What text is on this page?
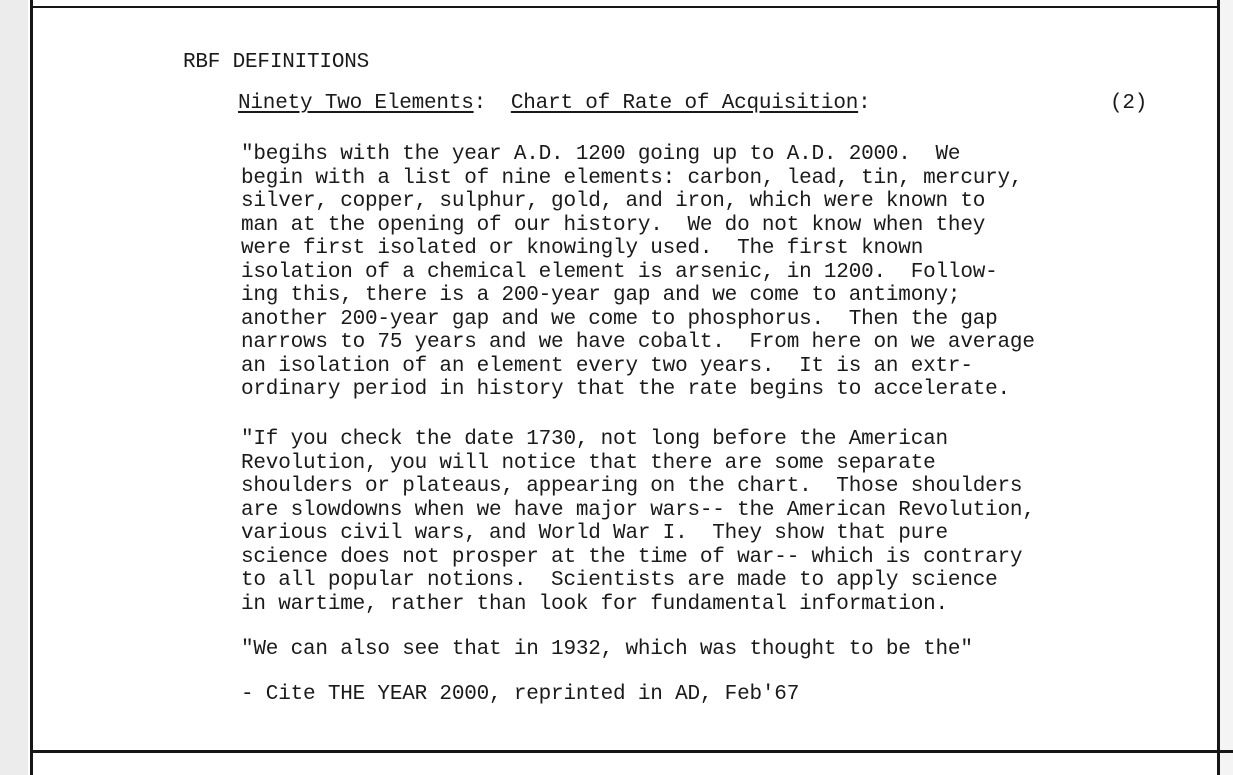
RBF DEFINITIONS
Ninety Two Elements:  Chart of Rate of Acquisition:	(2)
"begihs with the year A.D. 1200 going up to A.D. 2000.  We
begin with a list of nine elements: carbon, lead, tin, mercury,
silver, copper, sulphur, gold, and iron, which were known to
man at the opening of our history.  We do not know when they
were first isolated or knowingly used.  The first known
isolation of a chemical element is arsenic, in 1200.  Follow-
ing this, there is a 200-year gap and we come to antimony;
another 200-year gap and we come to phosphorus.  Then the gap
narrows to 75 years and we have cobalt.  From here on we average
an isolation of an element every two years.  It is an extr-
ordinary period in history that the rate begins to accelerate.
"If you check the date 1730, not long before the American
Revolution, you will notice that there are some separate
shoulders or plateaus, appearing on the chart.  Those shoulders
are slowdowns when we have major wars-- the American Revolution,
various civil wars, and World War I.  They show that pure
science does not prosper at the time of war-- which is contrary
to all popular notions.  Scientists are made to apply science
in wartime, rather than look for fundamental information.
"We can also see that in 1932, which was thought to be the"
- Cite THE YEAR 2000, reprinted in AD, Feb'67
